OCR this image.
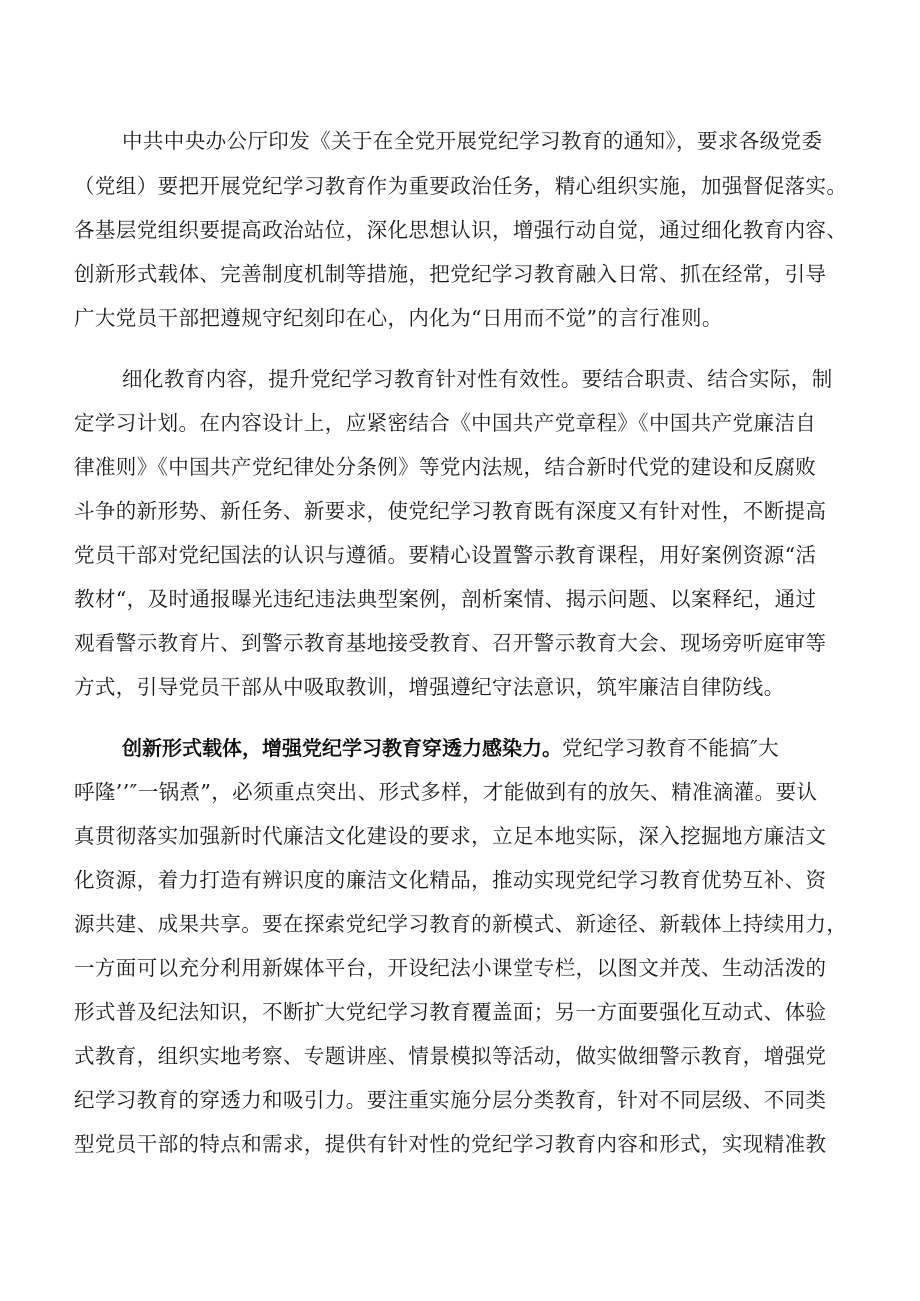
中共中央办公厅印发《关于在全党开展党纪学习教育的通知》，要求各级党委

（党组）要把开展党纪学习教育作为重要政治任务，精心组织实施，加强督促落实。

各基层党组织要提高政治站位，深化思想认识，增强行动自觉，通过细化教育内容、

创新形式载体、完善制度机制等措施，把党纪学习教育融入日常、抓在经常，引导

广大党员干部把遵规守纪刻印在心，内化为“日用而不觉”的言行准则。

细化教育内容，提升党纪学习教育针对性有效性。要结合职责、结合实际，制

定学习计划。在内容设计上，应紧密结合《中国共产党章程》《中国共产党廉洁自

律准则》《中国共产党纪律处分条例》等党内法规，结合新时代党的建设和反腐败

斗争的新形势、新任务、新要求，使党纪学习教育既有深度又有针对性，不断提高

党员干部对党纪国法的认识与遵循。要精心设置警示教育课程，用好案例资源“活

教材“，及时通报曝光违纪违法典型案例，剖析案情、揭示问题、以案释纪，通过

观看警示教育片、到警示教育基地接受教育、召开警示教育大会、现场旁听庭审等

方式，引导党员干部从中吸取教训，增强遵纪守法意识，筑牢廉洁自律防线。

创新形式载体，增强党纪学习教育穿透力感染力。党纪学习教育不能搞″大

呼隆’’″一锅煮”，必须重点突出、形式多样，才能做到有的放矢、精准滴灌。要认

真贯彻落实加强新时代廉洁文化建设的要求，立足本地实际，深入挖掘地方廉洁文

化资源，着力打造有辨识度的廉洁文化精品，推动实现党纪学习教育优势互补、资

源共建、成果共享。要在探索党纪学习教育的新模式、新途径、新载体上持续用力，

一方面可以充分利用新媒体平台，开设纪法小课堂专栏，以图文并茂、生动活泼的

形式普及纪法知识，不断扩大党纪学习教育覆盖面；另一方面要强化互动式、体验

式教育，组织实地考察、专题讲座、情景模拟等活动，做实做细警示教育，增强党

纪学习教育的穿透力和吸引力。要注重实施分层分类教育，针对不同层级、不同类

型党员干部的特点和需求，提供有针对性的党纪学习教育内容和形式，实现精准教
